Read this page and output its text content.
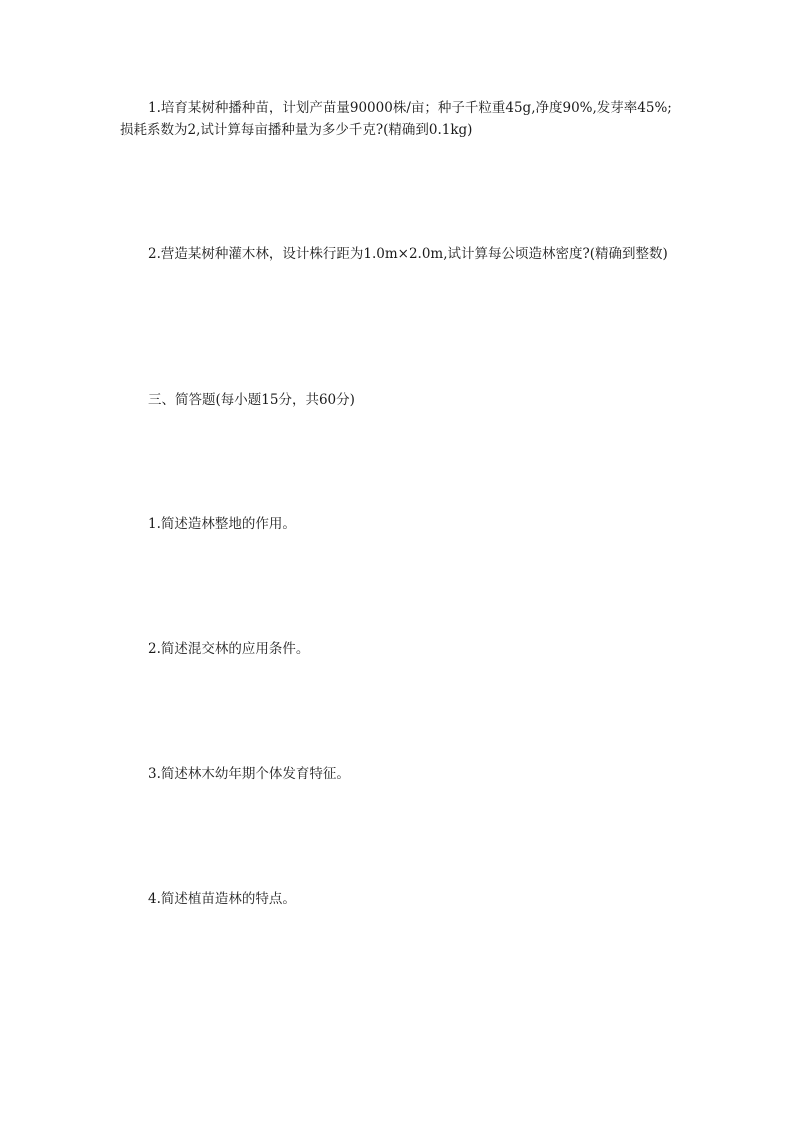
1.培育某树种播种苗，计划产苗量90000株/亩；种子千粒重45g,净度90%,发芽率45%;损耗系数为2,试计算每亩播种量为多少千克?(精确到0.1kg)

2.营造某树种灌木林，设计株行距为1.0m×2.0m,试计算每公顷造林密度?(精确到整数)

三、简答题(每小题15分，共60分)

1.简述造林整地的作用。

2.简述混交林的应用条件。

3.简述林木幼年期个体发育特征。

4.简述植苗造林的特点。
